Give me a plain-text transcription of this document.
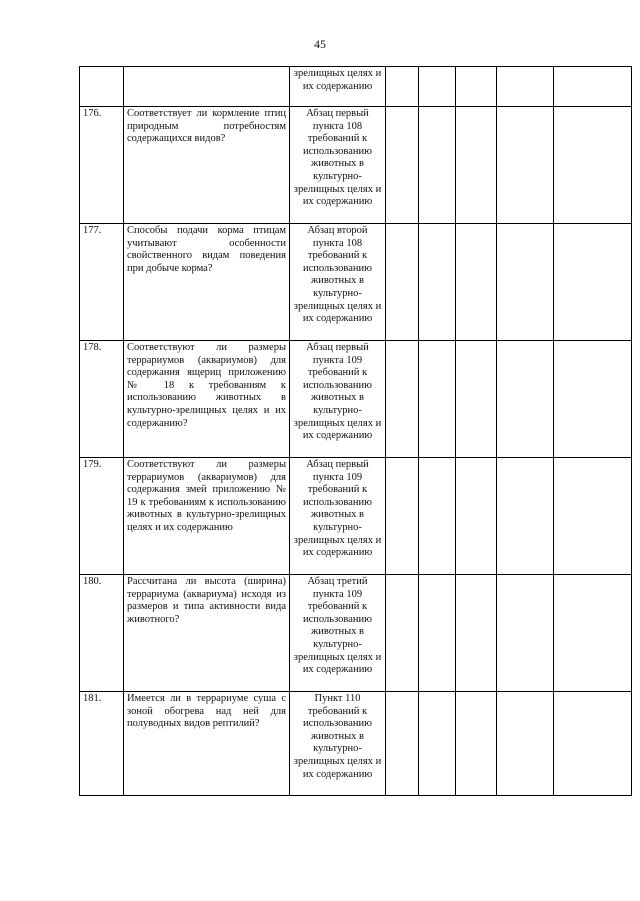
45
		зрелищных целях и их содержанию					
176.	Соответствует ли кормление птиц природным потребностям содержащихся видов?	Абзац первый пункта 108 требований к использованию животных в культурно-зрелищных целях и их содержанию					
177.	Способы подачи корма птицам учитывают особенности свойственного видам поведения при добыче корма?	Абзац второй пункта 108 требований к использованию животных в культурно-зрелищных целях и их содержанию					
178.	Соответствуют ли размеры террариумов (аквариумов) для содержания ящериц приложению № 18 к требованиям к использованию животных в культурно-зрелищных целях и их содержанию?	Абзац первый пункта 109 требований к использованию животных в культурно-зрелищных целях и их содержанию					
179.	Соответствуют ли размеры террариумов (аквариумов) для содержания змей приложению № 19 к требованиям к использованию животных в культурно-зрелищных целях и их содержанию	Абзац первый пункта 109 требований к использованию животных в культурно-зрелищных целях и их содержанию					
180.	Рассчитана ли высота (ширина) террариума (аквариума) исходя из размеров и типа активности вида животного?	Абзац третий пункта 109 требований к использованию животных в культурно-зрелищных целях и их содержанию					
181.	Имеется ли в террариуме суша с зоной обогрева над ней для полуводных видов рептилий?	Пункт 110 требований к использованию животных в культурно-зрелищных целях и их содержанию					
